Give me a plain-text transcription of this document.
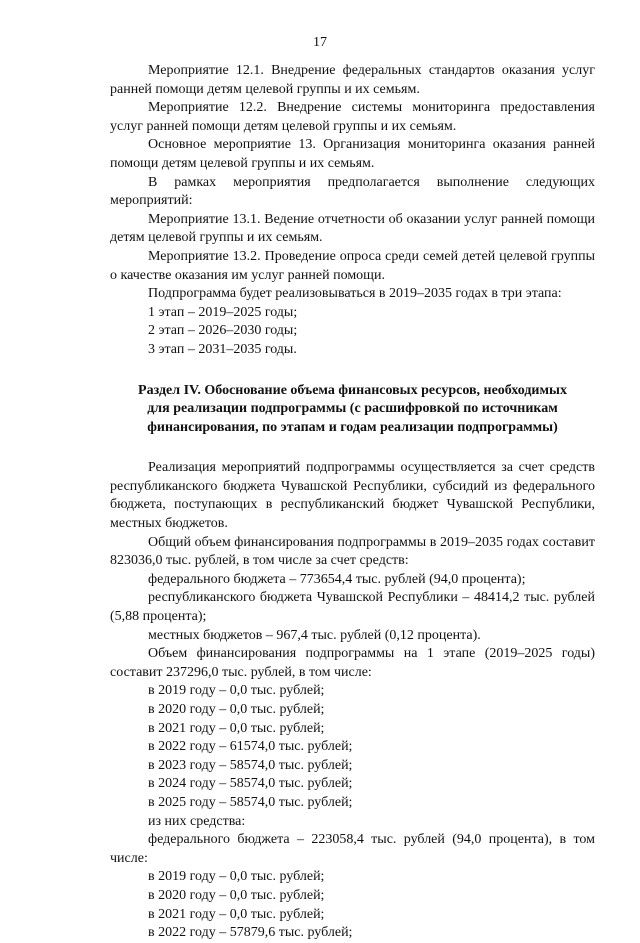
17

Мероприятие 12.1. Внедрение федеральных стандартов оказания услуг ранней помощи детям целевой группы и их семьям.

Мероприятие 12.2. Внедрение системы мониторинга предоставления услуг ранней помощи детям целевой группы и их семьям.

Основное мероприятие 13. Организация мониторинга оказания ранней помощи детям целевой группы и их семьям.

В рамках мероприятия предполагается выполнение следующих мероприятий:

Мероприятие 13.1. Ведение отчетности об оказании услуг ранней помощи детям целевой группы и их семьям.

Мероприятие 13.2. Проведение опроса среди семей детей целевой группы о качестве оказания им услуг ранней помощи.

Подпрограмма будет реализовываться в 2019–2035 годах в три этапа:

1 этап – 2019–2025 годы;

2 этап – 2026–2030 годы;

3 этап – 2031–2035 годы.

Раздел IV. Обоснование объема финансовых ресурсов, необходимых
для реализации подпрограммы (с расшифровкой по источникам
финансирования, по этапам и годам реализации подпрограммы)

Реализация мероприятий подпрограммы осуществляется за счет средств республиканского бюджета Чувашской Республики, субсидий из федерального бюджета, поступающих в республиканский бюджет Чувашской Республики, местных бюджетов.

Общий объем финансирования подпрограммы в 2019–2035 годах составит 823036,0 тыс. рублей, в том числе за счет средств:

федерального бюджета – 773654,4 тыс. рублей (94,0 процента);

республиканского бюджета Чувашской Республики – 48414,2 тыс. рублей (5,88 процента);

местных бюджетов – 967,4 тыс. рублей (0,12 процента).

Объем финансирования подпрограммы на 1 этапе (2019–2025 годы) составит 237296,0 тыс. рублей, в том числе:

в 2019 году – 0,0 тыс. рублей;

в 2020 году – 0,0 тыс. рублей;

в 2021 году – 0,0 тыс. рублей;

в 2022 году – 61574,0 тыс. рублей;

в 2023 году – 58574,0 тыс. рублей;

в 2024 году – 58574,0 тыс. рублей;

в 2025 году – 58574,0 тыс. рублей;

из них средства:

федерального бюджета – 223058,4 тыс. рублей (94,0 процента), в том числе:

в 2019 году – 0,0 тыс. рублей;

в 2020 году – 0,0 тыс. рублей;

в 2021 году – 0,0 тыс. рублей;

в 2022 году – 57879,6 тыс. рублей;
